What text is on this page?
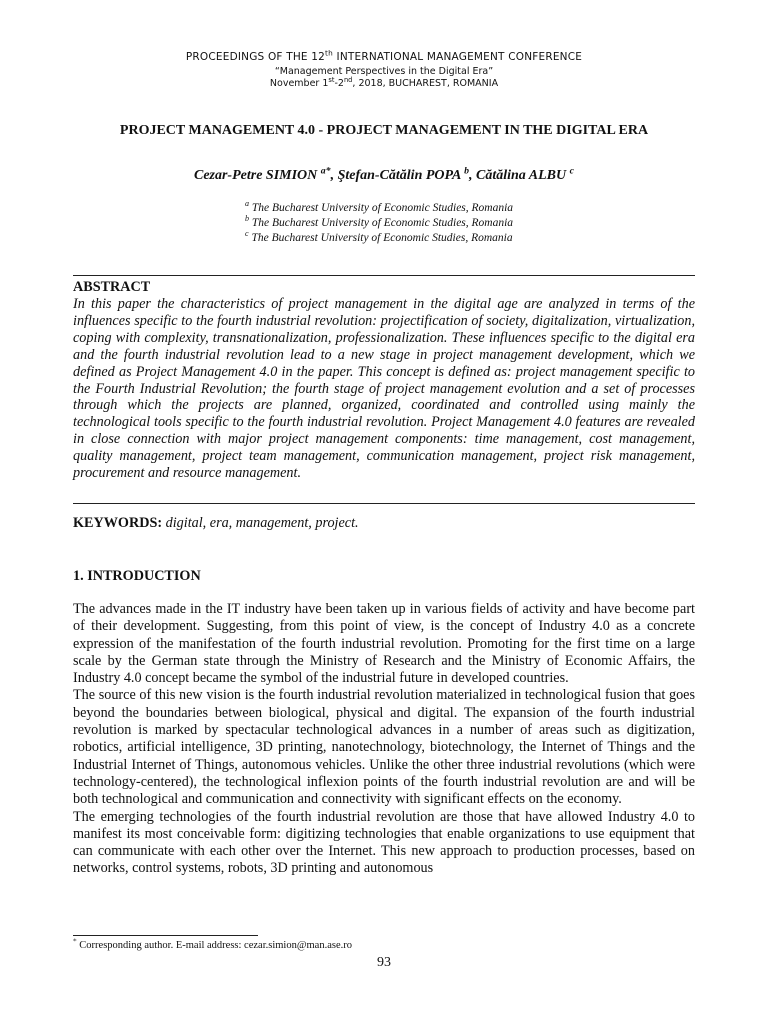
PROCEEDINGS OF THE 12th INTERNATIONAL MANAGEMENT CONFERENCE
“Management Perspectives in the Digital Era”
November 1st-2nd, 2018, BUCHAREST, ROMANIA
PROJECT MANAGEMENT 4.0 - PROJECT MANAGEMENT IN THE DIGITAL ERA
Cezar-Petre SIMION $^{a*}$, Ştefan-Cătălin POPA $^b$, Cătălina ALBU $^c$
$^a$ The Bucharest University of Economic Studies, Romania
$^b$ The Bucharest University of Economic Studies, Romania
$^c$ The Bucharest University of Economic Studies, Romania
ABSTRACT
In this paper the characteristics of project management in the digital age are analyzed in terms of the influences specific to the fourth industrial revolution: projectification of society, digitalization, virtualization, coping with complexity, transnationalization, professionalization. These influences specific to the digital era and the fourth industrial revolution lead to a new stage in project management development, which we defined as Project Management 4.0 in the paper. This concept is defined as: project management specific to the Fourth Industrial Revolution; the fourth stage of project management evolution and a set of processes through which the projects are planned, organized, coordinated and controlled using mainly the technological tools specific to the fourth industrial revolution. Project Management 4.0 features are revealed in close connection with major project management components: time management, cost management, quality management, project team management, communication management, project risk management, procurement and resource management.
KEYWORDS: digital, era, management, project.
1. INTRODUCTION

The advances made in the IT industry have been taken up in various fields of activity and have become part of their development. Suggesting, from this point of view, is the concept of Industry 4.0 as a concrete expression of the manifestation of the fourth industrial revolution. Promoting for the first time on a large scale by the German state through the Ministry of Research and the Ministry of Economic Affairs, the Industry 4.0 concept became the symbol of the industrial future in developed countries.

The source of this new vision is the fourth industrial revolution materialized in technological fusion that goes beyond the boundaries between biological, physical and digital. The expansion of the fourth industrial revolution is marked by spectacular technological advances in a number of areas such as digitization, robotics, artificial intelligence, 3D printing, nanotechnology, biotechnology, the Internet of Things and the Industrial Internet of Things, autonomous vehicles. Unlike the other three industrial revolutions (which were technology-centered), the technological inflexion points of the fourth industrial revolution are and will be both technological and communication and connectivity with significant effects on the economy.

The emerging technologies of the fourth industrial revolution are those that have allowed Industry 4.0 to manifest its most conceivable form: digitizing technologies that enable organizations to use equipment that can communicate with each other over the Internet. This new approach to production processes, based on networks, control systems, robots, 3D printing and autonomous

* Corresponding author. E-mail address: cezar.simion@man.ase.ro
93
